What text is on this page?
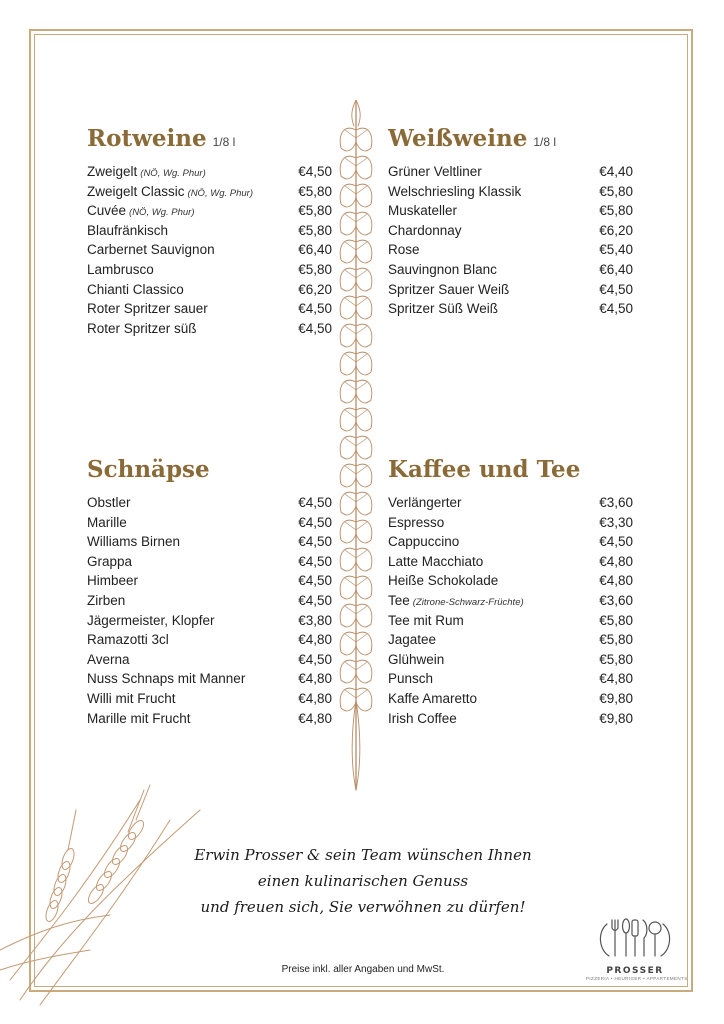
Rotweine 1/8 l
Zweigelt (NÖ, Wg. Phur)	€4,50
Zweigelt Classic (NÖ, Wg. Phur)	€5,80
Cuvée (NÖ, Wg. Phur)	€5,80
Blaufränkisch	€5,80
Carbernet Sauvignon	€6,40
Lambrusco	€5,80
Chianti Classico	€6,20
Roter Spritzer sauer	€4,50
Roter Spritzer süß	€4,50
Weißweine 1/8 l
Grüner Veltliner	€4,40
Welschriesling Klassik	€5,80
Muskateller	€5,80
Chardonnay	€6,20
Rose	€5,40
Sauvingnon Blanc	€6,40
Spritzer Sauer Weiß	€4,50
Spritzer Süß Weiß	€4,50
Schnäpse
Obstler	€4,50
Marille	€4,50
Williams Birnen	€4,50
Grappa	€4,50
Himbeer	€4,50
Zirben	€4,50
Jägermeister, Klopfer	€3,80
Ramazotti 3cl	€4,80
Averna	€4,50
Nuss Schnaps mit Manner	€4,80
Willi mit Frucht	€4,80
Marille mit Frucht	€4,80
Kaffee und Tee
Verlängerter	€3,60
Espresso	€3,30
Cappuccino	€4,50
Latte Macchiato	€4,80
Heiße Schokolade	€4,80
Tee (Zitrone-Schwarz-Früchte)	€3,60
Tee mit Rum	€5,80
Jagatee	€5,80
Glühwein	€5,80
Punsch	€4,80
Kaffe Amaretto	€9,80
Irish Coffee	€9,80
Erwin Prosser & sein Team wünschen Ihnen
einen kulinarischen Genuss
und freuen sich, Sie verwöhnen zu dürfen!
Preise inkl. aller Angaben und MwSt.	PROSSER
PIZZERIA • HEURIGER • APPARTEMENTS
